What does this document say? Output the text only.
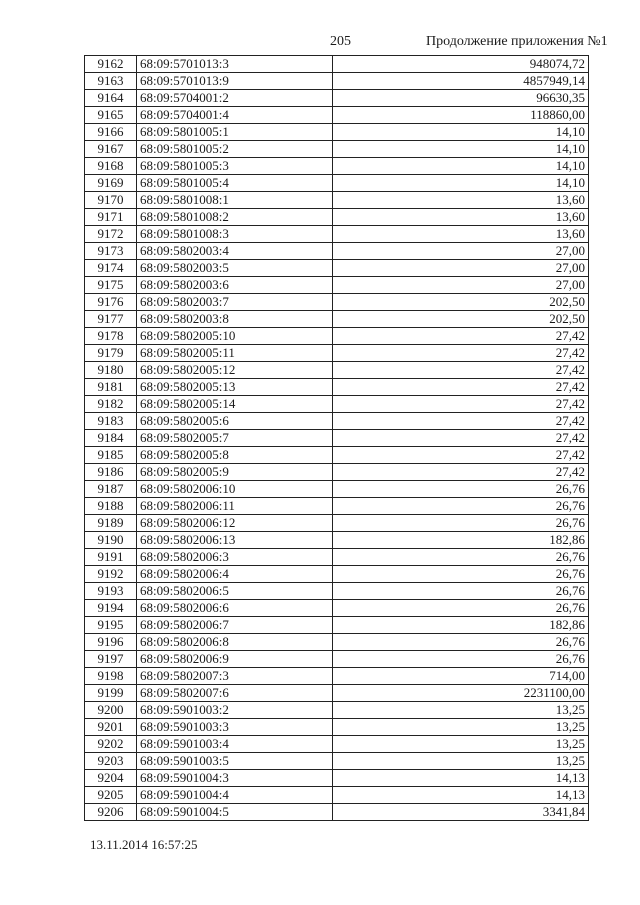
205	Продолжение приложения №1
9162	68:09:5701013:3	948074,72
9163	68:09:5701013:9	4857949,14
9164	68:09:5704001:2	96630,35
9165	68:09:5704001:4	118860,00
9166	68:09:5801005:1	14,10
9167	68:09:5801005:2	14,10
9168	68:09:5801005:3	14,10
9169	68:09:5801005:4	14,10
9170	68:09:5801008:1	13,60
9171	68:09:5801008:2	13,60
9172	68:09:5801008:3	13,60
9173	68:09:5802003:4	27,00
9174	68:09:5802003:5	27,00
9175	68:09:5802003:6	27,00
9176	68:09:5802003:7	202,50
9177	68:09:5802003:8	202,50
9178	68:09:5802005:10	27,42
9179	68:09:5802005:11	27,42
9180	68:09:5802005:12	27,42
9181	68:09:5802005:13	27,42
9182	68:09:5802005:14	27,42
9183	68:09:5802005:6	27,42
9184	68:09:5802005:7	27,42
9185	68:09:5802005:8	27,42
9186	68:09:5802005:9	27,42
9187	68:09:5802006:10	26,76
9188	68:09:5802006:11	26,76
9189	68:09:5802006:12	26,76
9190	68:09:5802006:13	182,86
9191	68:09:5802006:3	26,76
9192	68:09:5802006:4	26,76
9193	68:09:5802006:5	26,76
9194	68:09:5802006:6	26,76
9195	68:09:5802006:7	182,86
9196	68:09:5802006:8	26,76
9197	68:09:5802006:9	26,76
9198	68:09:5802007:3	714,00
9199	68:09:5802007:6	2231100,00
9200	68:09:5901003:2	13,25
9201	68:09:5901003:3	13,25
9202	68:09:5901003:4	13,25
9203	68:09:5901003:5	13,25
9204	68:09:5901004:3	14,13
9205	68:09:5901004:4	14,13
9206	68:09:5901004:5	3341,84
13.11.2014 16:57:25
